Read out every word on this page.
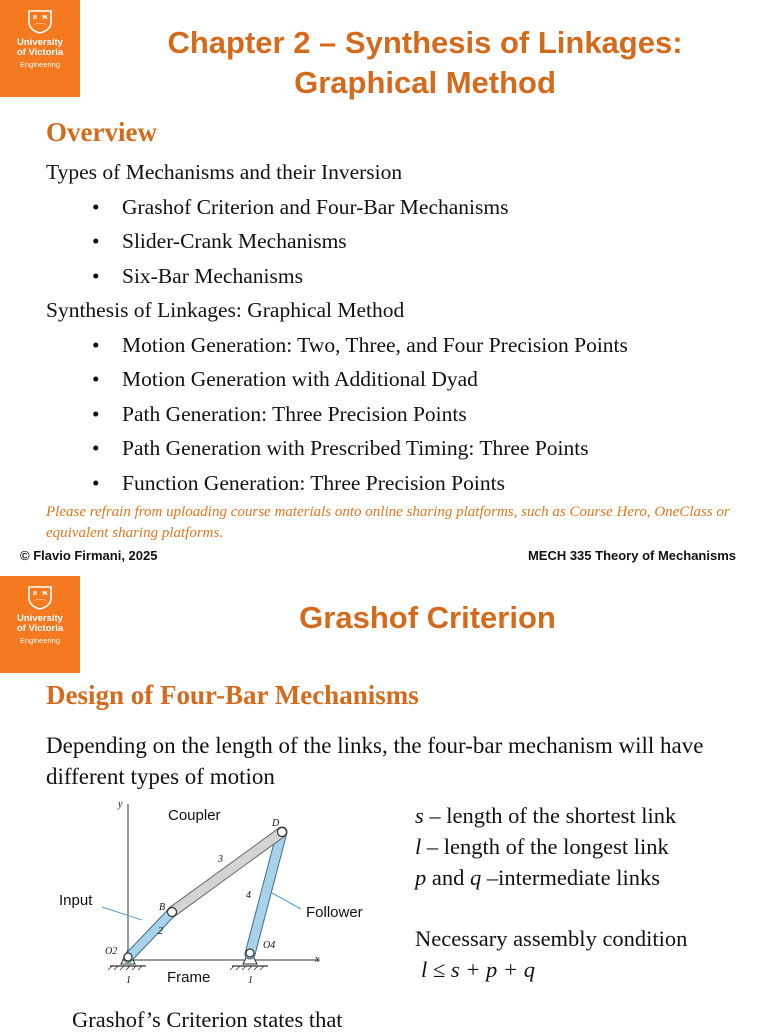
University
of Victoria
Engineering
Chapter 2 – Synthesis of Linkages:
Graphical Method
Overview
Types of Mechanisms and their Inversion
• Grashof Criterion and Four-Bar Mechanisms
• Slider-Crank Mechanisms
• Six-Bar Mechanisms
Synthesis of Linkages: Graphical Method
• Motion Generation: Two, Three, and Four Precision Points
• Motion Generation with Additional Dyad
• Path Generation: Three Precision Points
• Path Generation with Prescribed Timing: Three Points
• Function Generation: Three Precision Points
Please refrain from uploading course materials onto online sharing platforms, such as Course Hero, OneClass or equivalent sharing platforms.
© Flavio Firmani, 2025	MECH 335 Theory of Mechanisms
University
of Victoria
Engineering
Grashof Criterion
Design of Four-Bar Mechanisms
Depending on the length of the links, the four-bar mechanism will have different types of motion
y
x
Coupler
Input
Follower
Frame
B
D
O2
O4
1	1
2
3
4
s – length of the shortest link
l – length of the longest link
p and q –intermediate links
Necessary assembly condition
l ≤ s + p + q
Grashof’s Criterion states that
